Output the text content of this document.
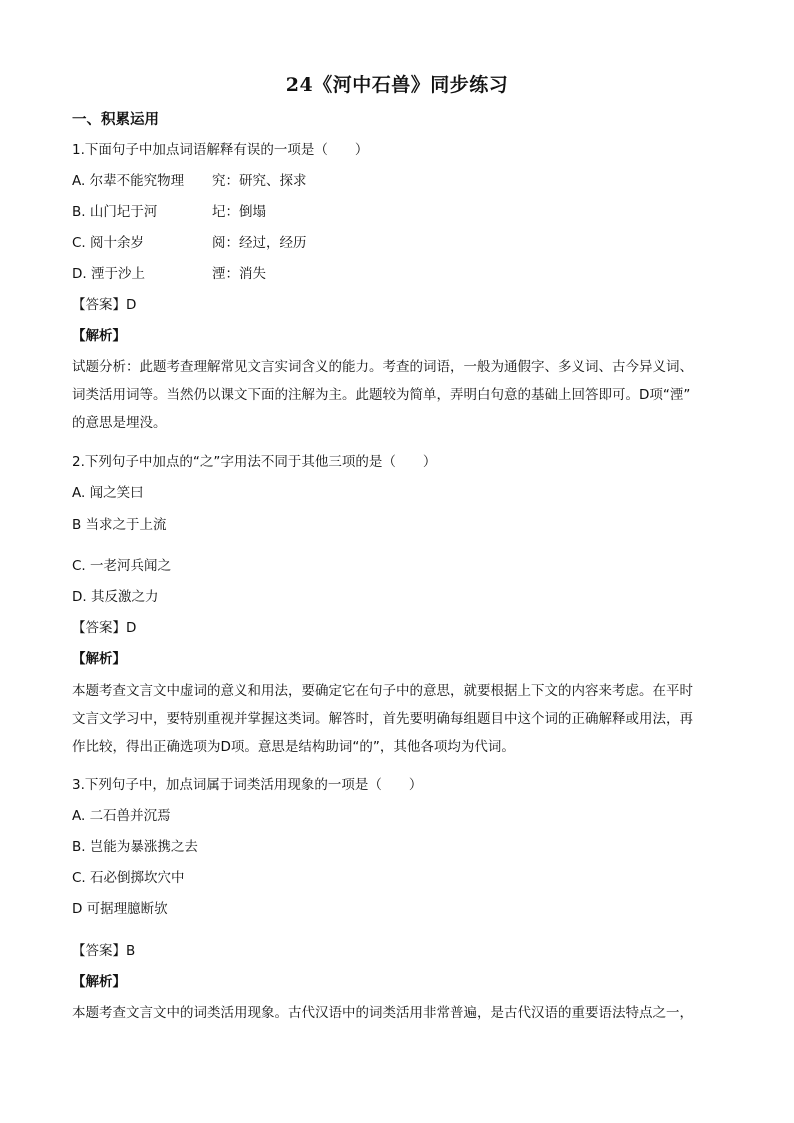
24《河中石兽》同步练习
一、积累运用
1.下面句子中加点词语解释有误的一项是（　　）
A. 尔辈不能究物理 究：研究、探求
B. 山门圮于河	圮：倒塌
C. 阅十余岁	阅：经过，经历
D. 湮于沙上	湮：消失
【答案】D
【解析】
试题分析：此题考查理解常见文言实词含义的能力。考查的词语，一般为通假字、多义词、古今异义词、
词类活用词等。当然仍以课文下面的注解为主。此题较为简单，弄明白句意的基础上回答即可。D项“湮”
的意思是埋没。
2.下列句子中加点的“之”字用法不同于其他三项的是（　　）
A. 闻之笑曰
B 当求之于上流
C. 一老河兵闻之
D. 其反激之力
【答案】D
【解析】
本题考查文言文中虚词的意义和用法，要确定它在句子中的意思，就要根据上下文的内容来考虑。在平时
文言文学习中，要特别重视并掌握这类词。解答时，首先要明确每组题目中这个词的正确解释或用法，再
作比较，得出正确选项为D项。意思是结构助词“的”，其他各项均为代词。
3.下列句子中，加点词属于词类活用现象的一项是（　　）
A. 二石兽并沉焉
B. 岂能为暴涨携之去
C. 石必倒掷坎穴中
D 可据理臆断欤
【答案】B
【解析】
本题考查文言文中的词类活用现象。古代汉语中的词类活用非常普遍，是古代汉语的重要语法特点之一，
